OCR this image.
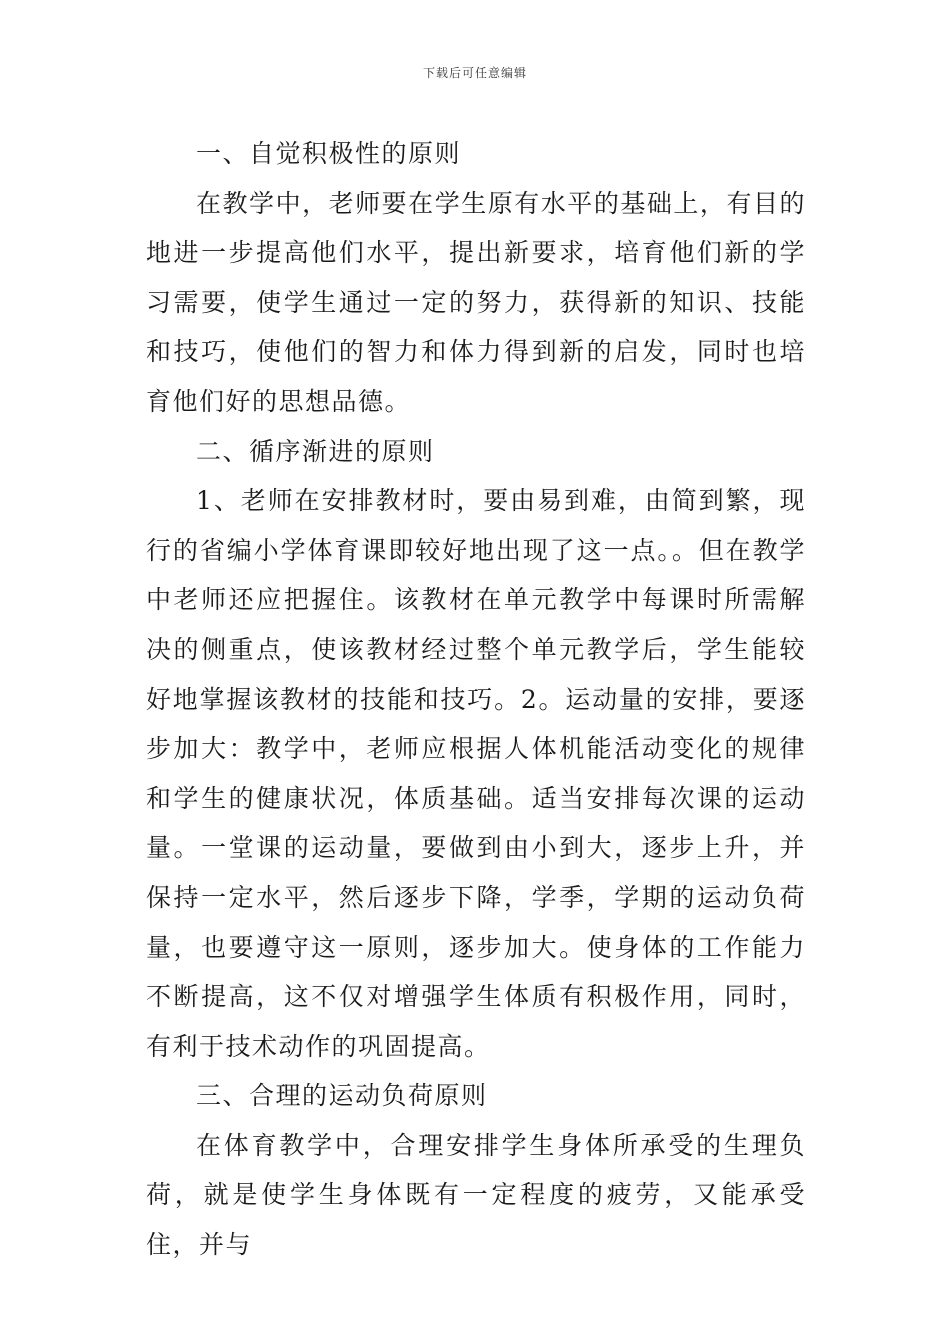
下载后可任意编辑

一、自觉积极性的原则

在教学中，老师要在学生原有水平的基础上，有目的地进一步提高他们水平，提出新要求，培育他们新的学习需要，使学生通过一定的努力，获得新的知识、技能和技巧，使他们的智力和体力得到新的启发，同时也培育他们好的思想品德。

二、循序渐进的原则

1、老师在安排教材时，要由易到难，由简到繁，现行的省编小学体育课即较好地出现了这一点。。但在教学中老师还应把握住。该教材在单元教学中每课时所需解决的侧重点，使该教材经过整个单元教学后，学生能较好地掌握该教材的技能和技巧。2。运动量的安排，要逐步加大：教学中，老师应根据人体机能活动变化的规律和学生的健康状况，体质基础。适当安排每次课的运动量。一堂课的运动量，要做到由小到大，逐步上升，并保持一定水平，然后逐步下降，学季，学期的运动负荷量，也要遵守这一原则，逐步加大。使身体的工作能力不断提高，这不仅对增强学生体质有积极作用，同时，有利于技术动作的巩固提高。

三、合理的运动负荷原则

在体育教学中，合理安排学生身体所承受的生理负荷，就是使学生身体既有一定程度的疲劳，又能承受住，并与
